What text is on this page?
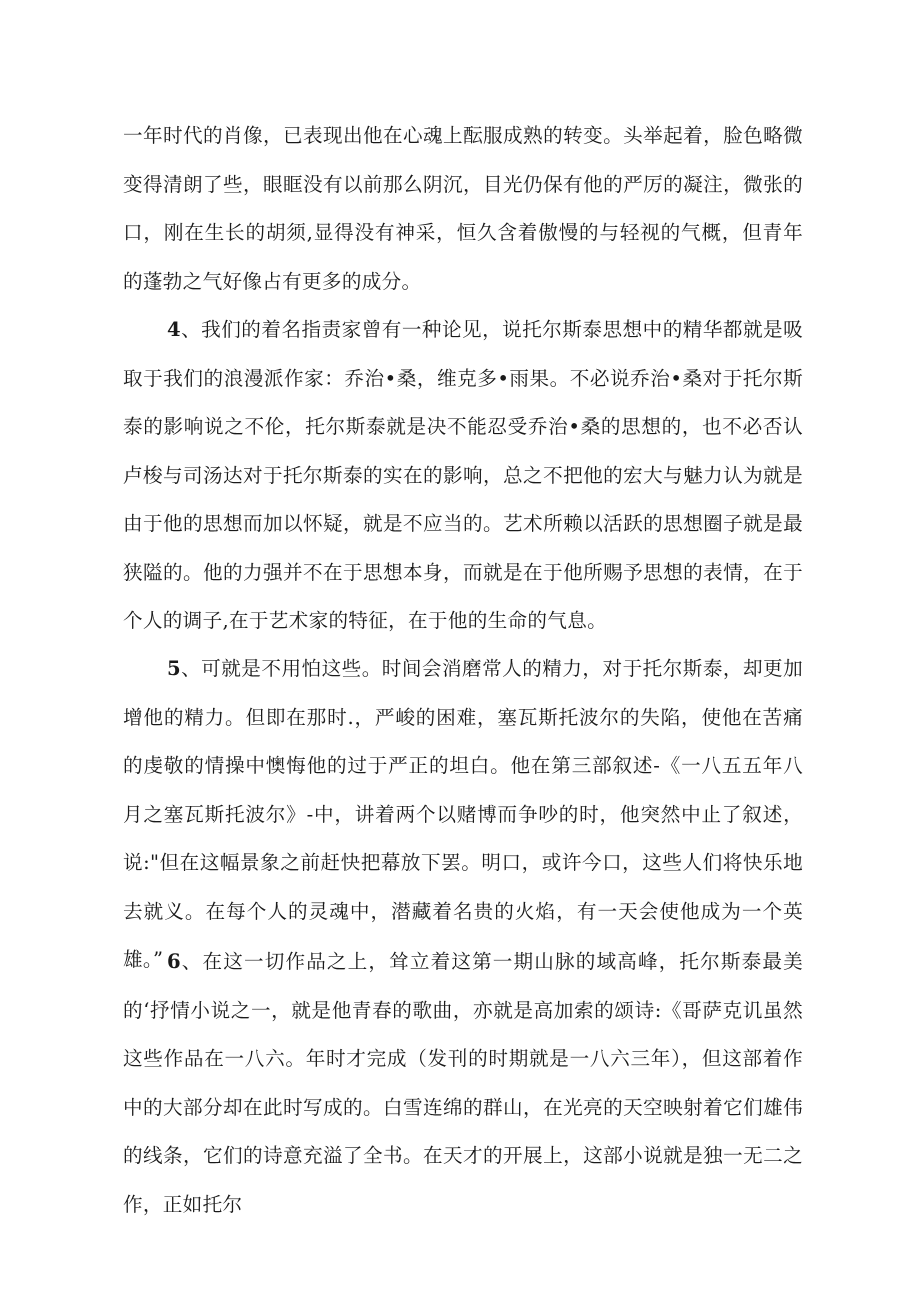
一年时代的肖像，已表现出他在心魂上酝服成熟的转变。头举起着，脸色略微变得清朗了些，眼眶没有以前那么阴沉，目光仍保有他的严厉的凝注，微张的口，刚在生长的胡须,显得没有神采，恒久含着傲慢的与轻视的气概，但青年的蓬勃之气好像占有更多的成分。

4、我们的着名指责家曾有一种论见，说托尔斯泰思想中的精华都就是吸取于我们的浪漫派作家：乔治•桑，维克多•雨果。不必说乔治•桑对于托尔斯泰的影响说之不伦，托尔斯泰就是决不能忍受乔治•桑的思想的，也不必否认卢梭与司汤达对于托尔斯泰的实在的影响，总之不把他的宏大与魅力认为就是由于他的思想而加以怀疑，就是不应当的。艺术所赖以活跃的思想圈子就是最狭隘的。他的力强并不在于思想本身，而就是在于他所赐予思想的表情，在于个人的调子,在于艺术家的特征，在于他的生命的气息。

5、可就是不用怕这些。时间会消磨常人的精力，对于托尔斯泰，却更加增他的精力。但即在那时.，严峻的困难，塞瓦斯托波尔的失陷，使他在苦痛的虔敬的情操中懊悔他的过于严正的坦白。他在第三部叙述-《一八五五年八月之塞瓦斯托波尔》-中，讲着两个以赌博而争吵的时，他突然中止了叙述，说:"但在这幅景象之前赶快把幕放下罢。明口，或许今口，这些人们将快乐地去就义。在每个人的灵魂中，潜藏着名贵的火焰，有一天会使他成为一个英雄。” 6、在这一切作品之上，耸立着这第一期山脉的域高峰，托尔斯泰最美的‘抒情小说之一，就是他青春的歌曲，亦就是高加索的颂诗:《哥萨克讥虽然这些作品在一八六。年时才完成（发刊的时期就是一八六三年），但这部着作中的大部分却在此时写成的。白雪连绵的群山，在光亮的天空映射着它们雄伟的线条，它们的诗意充溢了全书。在天才的开展上，这部小说就是独一无二之作，正如托尔
